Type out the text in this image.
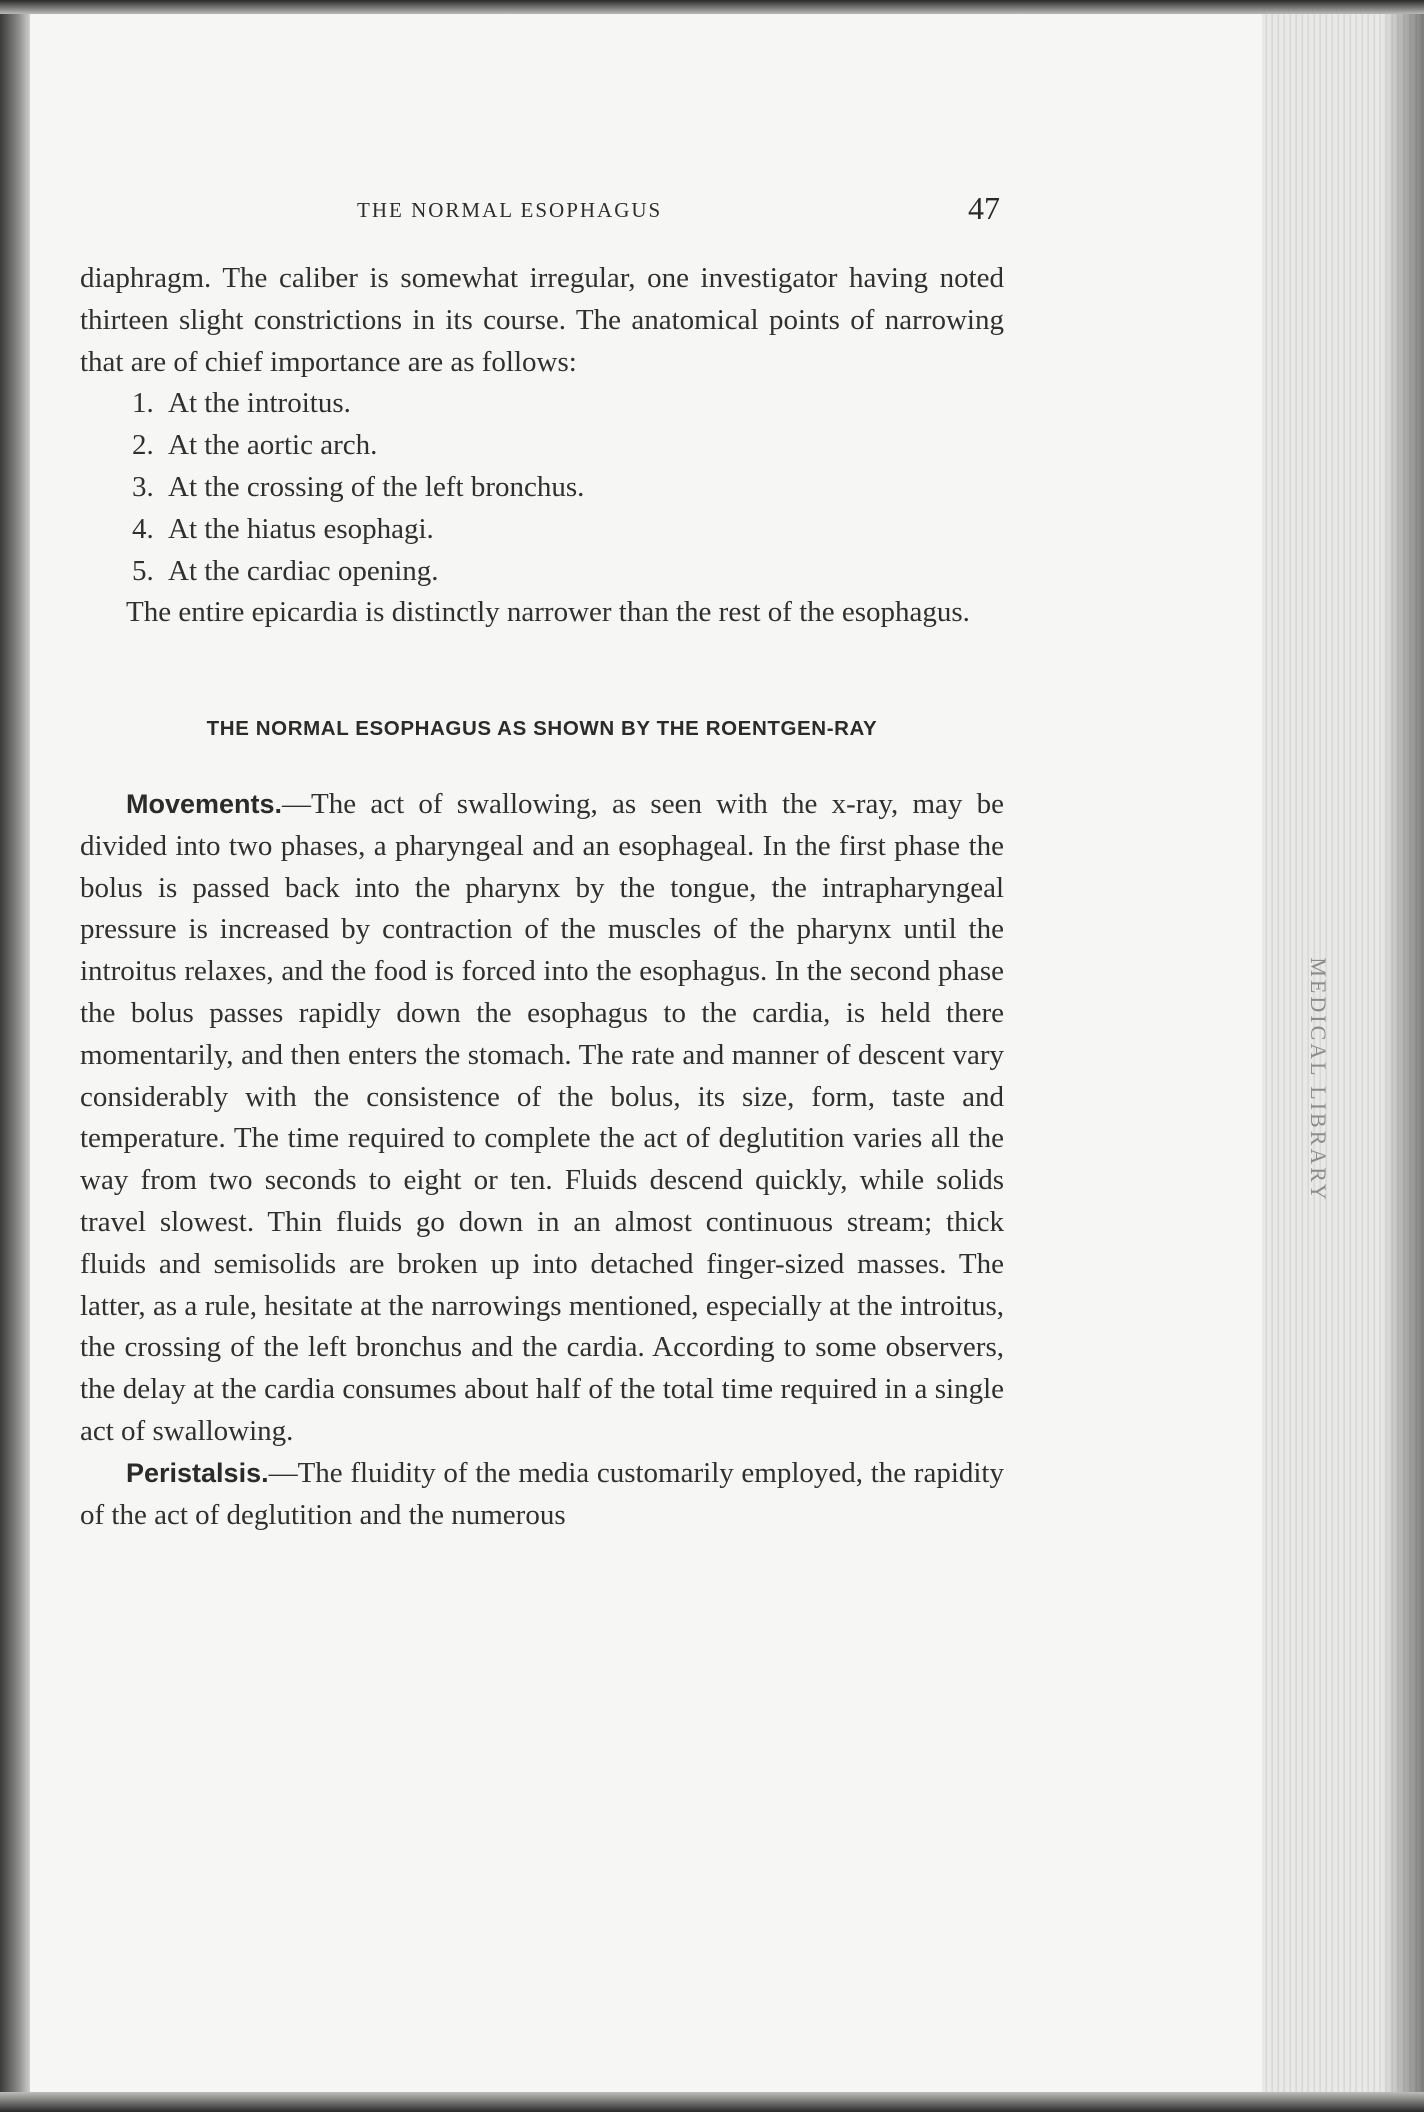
MEDICAL LIBRARY
THE NORMAL ESOPHAGUS	47

diaphragm. The caliber is somewhat irregular, one investigator having noted thirteen slight constrictions in its course. The anatomical points of narrowing that are of chief importance are as follows:

1. At the introitus.
2. At the aortic arch.
3. At the crossing of the left bronchus.
4. At the hiatus esophagi.
5. At the cardiac opening.

The entire epicardia is distinctly narrower than the rest of the esophagus.

THE NORMAL ESOPHAGUS AS SHOWN BY THE ROENTGEN-RAY

Movements.—The act of swallowing, as seen with the x-ray, may be divided into two phases, a pharyngeal and an esophageal. In the first phase the bolus is passed back into the pharynx by the tongue, the intrapharyngeal pressure is increased by contraction of the muscles of the pharynx until the introitus relaxes, and the food is forced into the esophagus. In the second phase the bolus passes rapidly down the esophagus to the cardia, is held there momentarily, and then enters the stomach. The rate and manner of descent vary considerably with the consistence of the bolus, its size, form, taste and temperature. The time required to complete the act of deglutition varies all the way from two seconds to eight or ten. Fluids descend quickly, while solids travel slowest. Thin fluids go down in an almost continuous stream; thick fluids and semisolids are broken up into detached finger-sized masses. The latter, as a rule, hesitate at the narrowings mentioned, especially at the introitus, the crossing of the left bronchus and the cardia. According to some observers, the delay at the cardia consumes about half of the total time required in a single act of swallowing.

Peristalsis.—The fluidity of the media customarily employed, the rapidity of the act of deglutition and the numerous
